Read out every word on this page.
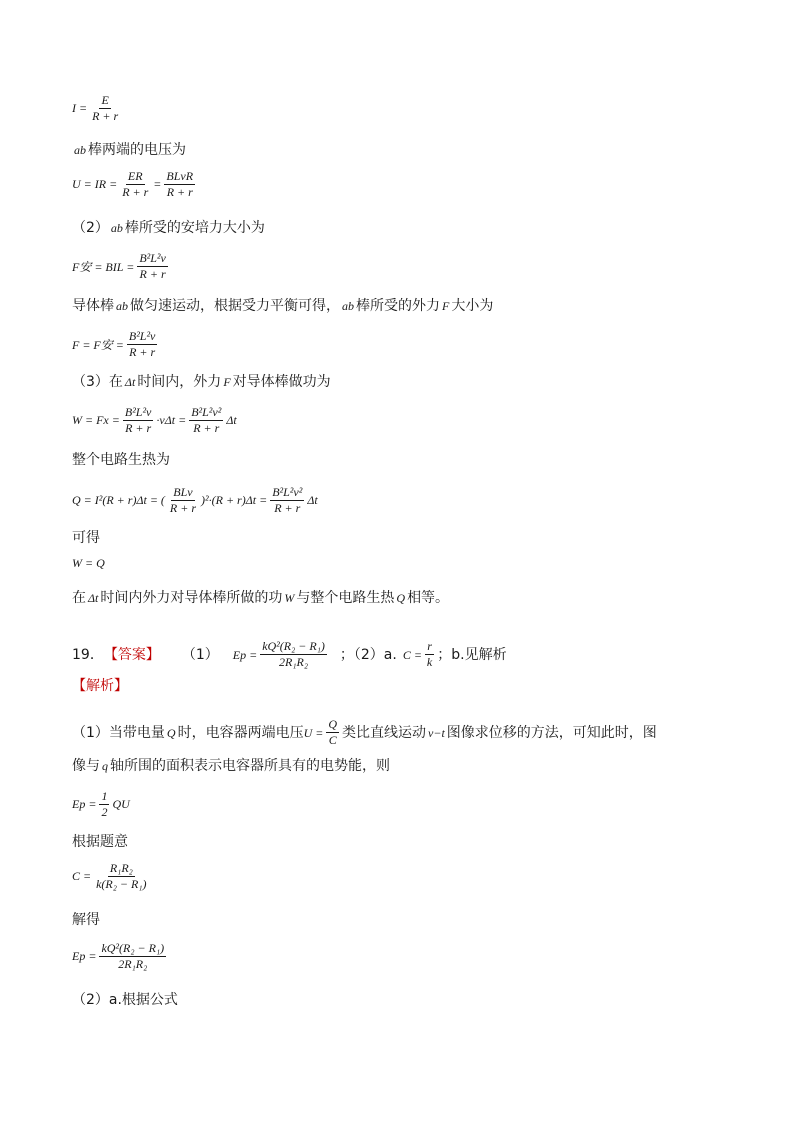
$I = \frac{E}{R + r}$
ab 棒两端的电压为
U = IR = $\frac{ER}{R + r} = \frac{\text{BLvR}}{R + r}$
（2） ab 棒所受的安培力大小为
F安 = BIL = $\frac{\text{B²L²v}}{R + r}$
导体棒 ab 做匀速运动，根据受力平衡可得， ab 棒所受的外力 F 大小为
F = F安 = $\frac{\text{B²L²v}}{R + r}$
（3）在 Δt 时间内，外力 F 对导体棒做功为
$W = Fx = \frac{\text{B²L²v}}{R + r} \cdot v\Delta t = \frac{\text{B²L²v²}}{R + r}$ Δt
整个电路生热为
Q = I²(R + r)Δt = ( $\frac{\text{BLv}}{R + r} )^2\cdot(R + r)\Delta t = \frac{\text{B²L²v²}}{R + r}$ Δt
可得
W = Q
在 Δt 时间内外力对导体棒所做的功 W 与整个电路生热 Q 相等。
19． 【答案】 （1） $Ep = \frac{\text{kQ²(R₂ − R₁)}}{\text{2R₁R₂}}$ ；（2）a. $C = \frac{r}{k}$ ；b.见解析
【解析】
（1）当带电量 Q 时，电容器两端电压 $U = \frac{Q}{C}$ 类比直线运动 v−t 图像求位移的方法，可知此时，图
像与 q 轴所围的面积表示电容器所具有的电势能，则
$Ep = \frac{1}{2}$ QU
根据题意
$C = \frac{\text{R₁R₂}}{\text{k(R₂ − R₁)}}$
解得
$Ep = \frac{\text{kQ²(R₂ − R₁)}}{\text{2R₁R₂}}$
（2）a.根据公式
